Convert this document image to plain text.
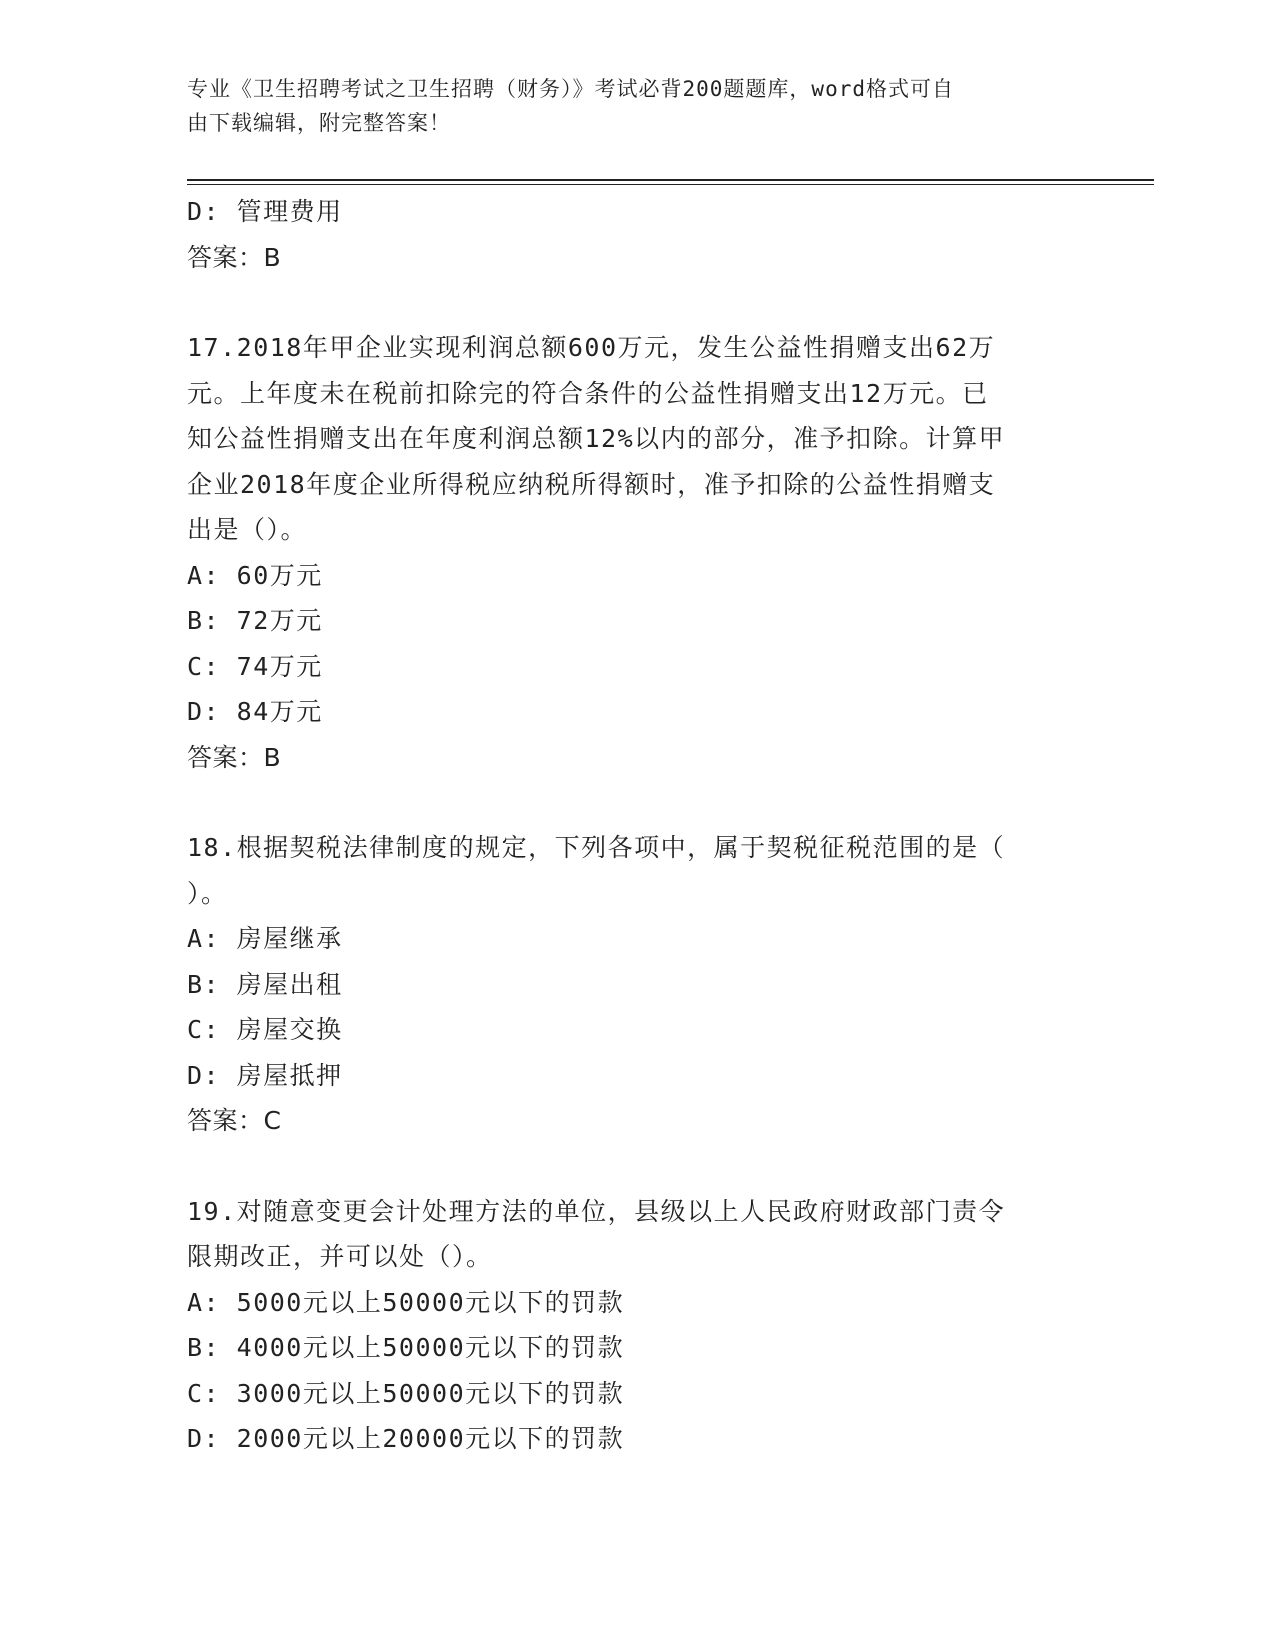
专业《卫生招聘考试之卫生招聘（财务）》考试必背200题题库，word格式可自
由下载编辑，附完整答案！

D: 管理费用

答案：B

17.2018年甲企业实现利润总额600万元，发生公益性捐赠支出62万

元。上年度未在税前扣除完的符合条件的公益性捐赠支出12万元。已

知公益性捐赠支出在年度利润总额12%以内的部分，准予扣除。计算甲

企业2018年度企业所得税应纳税所得额时，准予扣除的公益性捐赠支

出是（）。

A: 60万元

B: 72万元

C: 74万元

D: 84万元

答案：B

18.根据契税法律制度的规定，下列各项中，属于契税征税范围的是（

）。

A: 房屋继承

B: 房屋出租

C: 房屋交换

D: 房屋抵押

答案：C

19.对随意变更会计处理方法的单位，县级以上人民政府财政部门责令

限期改正，并可以处（）。

A: 5000元以上50000元以下的罚款

B: 4000元以上50000元以下的罚款

C: 3000元以上50000元以下的罚款

D: 2000元以上20000元以下的罚款
